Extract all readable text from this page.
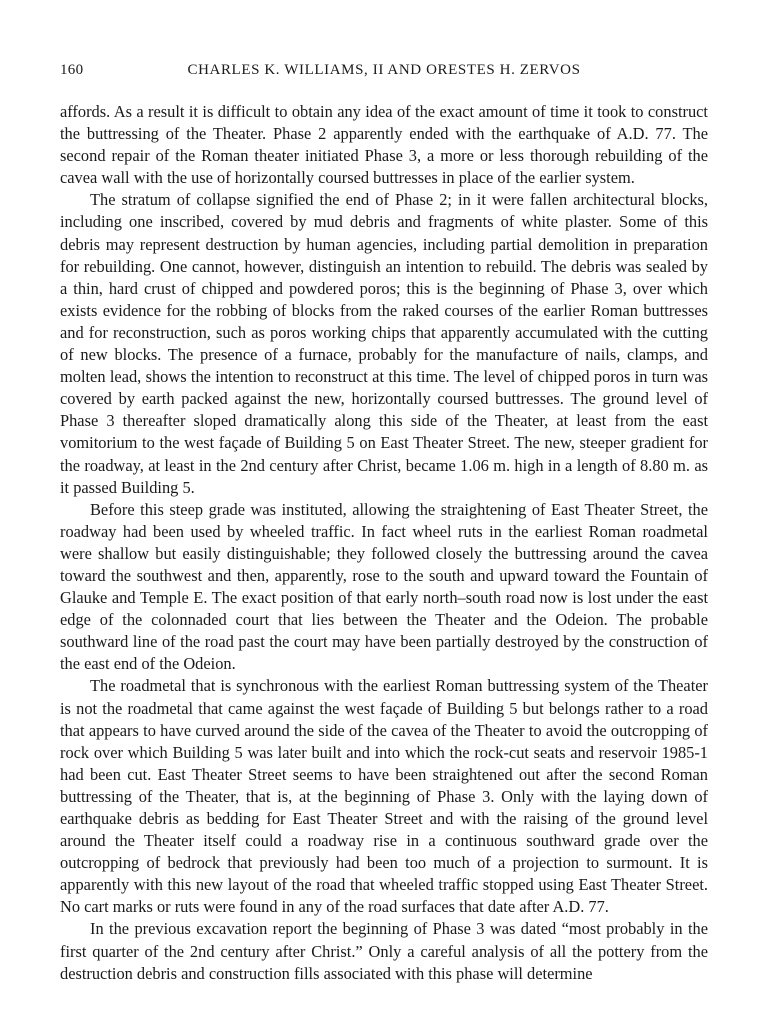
160	CHARLES K. WILLIAMS, II AND ORESTES H. ZERVOS

affords. As a result it is difficult to obtain any idea of the exact amount of time it took to construct the buttressing of the Theater. Phase 2 apparently ended with the earthquake of A.D. 77. The second repair of the Roman theater initiated Phase 3, a more or less thorough rebuilding of the cavea wall with the use of horizontally coursed buttresses in place of the earlier system.

The stratum of collapse signified the end of Phase 2; in it were fallen architectural blocks, including one inscribed, covered by mud debris and fragments of white plaster. Some of this debris may represent destruction by human agencies, including partial demolition in preparation for rebuilding. One cannot, however, distinguish an intention to rebuild. The debris was sealed by a thin, hard crust of chipped and powdered poros; this is the beginning of Phase 3, over which exists evidence for the robbing of blocks from the raked courses of the earlier Roman buttresses and for reconstruction, such as poros working chips that apparently accumulated with the cutting of new blocks. The presence of a furnace, probably for the manufacture of nails, clamps, and molten lead, shows the intention to reconstruct at this time. The level of chipped poros in turn was covered by earth packed against the new, horizontally coursed buttresses. The ground level of Phase 3 thereafter sloped dramatically along this side of the Theater, at least from the east vomitorium to the west façade of Building 5 on East Theater Street. The new, steeper gradient for the roadway, at least in the 2nd century after Christ, became 1.06 m. high in a length of 8.80 m. as it passed Building 5.

Before this steep grade was instituted, allowing the straightening of East Theater Street, the roadway had been used by wheeled traffic. In fact wheel ruts in the earliest Roman roadmetal were shallow but easily distinguishable; they followed closely the buttressing around the cavea toward the southwest and then, apparently, rose to the south and upward toward the Fountain of Glauke and Temple E. The exact position of that early north–south road now is lost under the east edge of the colonnaded court that lies between the Theater and the Odeion. The probable southward line of the road past the court may have been partially destroyed by the construction of the east end of the Odeion.

The roadmetal that is synchronous with the earliest Roman buttressing system of the Theater is not the roadmetal that came against the west façade of Building 5 but belongs rather to a road that appears to have curved around the side of the cavea of the Theater to avoid the outcropping of rock over which Building 5 was later built and into which the rock-cut seats and reservoir 1985-1 had been cut. East Theater Street seems to have been straightened out after the second Roman buttressing of the Theater, that is, at the beginning of Phase 3. Only with the laying down of earthquake debris as bedding for East Theater Street and with the raising of the ground level around the Theater itself could a roadway rise in a continuous southward grade over the outcropping of bedrock that previously had been too much of a projection to surmount. It is apparently with this new layout of the road that wheeled traffic stopped using East Theater Street. No cart marks or ruts were found in any of the road surfaces that date after A.D. 77.

In the previous excavation report the beginning of Phase 3 was dated “most probably in the first quarter of the 2nd century after Christ.” Only a careful analysis of all the pottery from the destruction debris and construction fills associated with this phase will determine
